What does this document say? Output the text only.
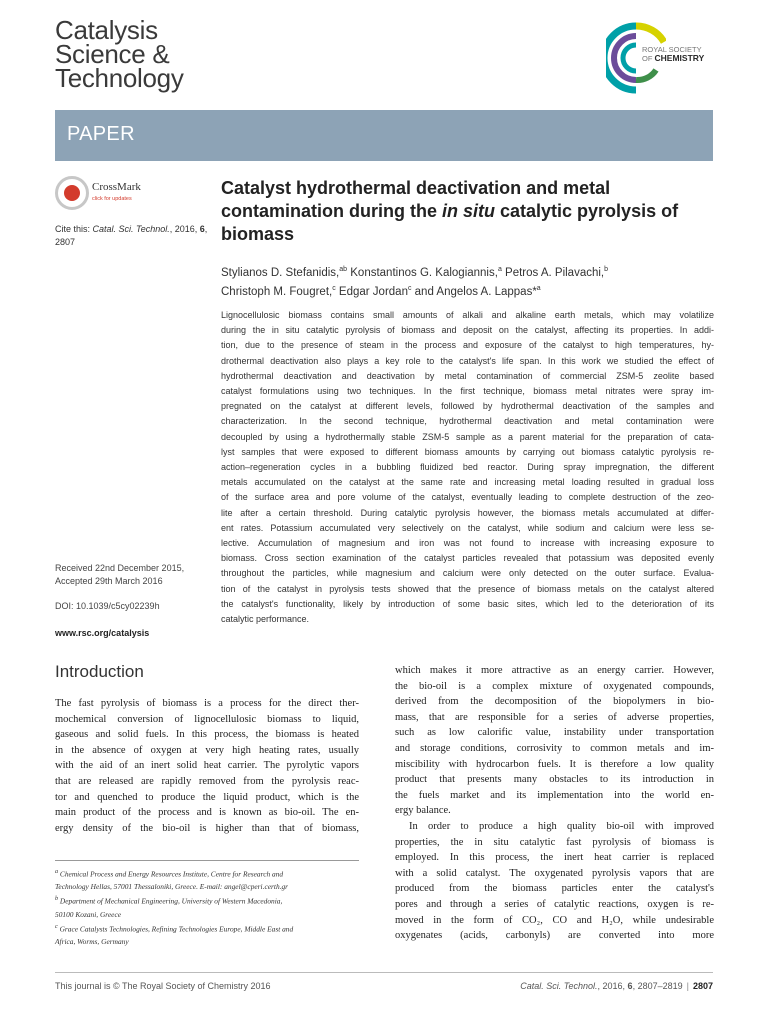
Catalysis
Science &
Technology
ROYAL SOCIETY
OF CHEMISTRY
PAPER
CrossMark
click for updates
Cite this: Catal. Sci. Technol., 2016, 6, 2807
Received 22nd December 2015,
Accepted 29th March 2016
DOI: 10.1039/c5cy02239h
www.rsc.org/catalysis
Catalyst hydrothermal deactivation and metal contamination during the in situ catalytic pyrolysis of biomass
Stylianos D. Stefanidis,$^{ab}$ Konstantinos G. Kalogiannis,$^a$ Petros A. Pilavachi,$^b$
Christoph M. Fougret,$^c$ Edgar Jordan$^c$ and Angelos A. Lappas*$^a$
Lignocellulosic biomass contains small amounts of alkali and alkaline earth metals, which may volatilize
during the in situ catalytic pyrolysis of biomass and deposit on the catalyst, affecting its properties. In addi-
tion, due to the presence of steam in the process and exposure of the catalyst to high temperatures, hy-
drothermal deactivation also plays a key role to the catalyst's life span. In this work we studied the effect of
hydrothermal deactivation and deactivation by metal contamination of commercial ZSM-5 zeolite based
catalyst formulations using two techniques. In the first technique, biomass metal nitrates were spray im-
pregnated on the catalyst at different levels, followed by hydrothermal deactivation of the samples and
characterization. In the second technique, hydrothermal deactivation and metal contamination were
decoupled by using a hydrothermally stable ZSM-5 sample as a parent material for the preparation of cata-
lyst samples that were exposed to different biomass amounts by carrying out biomass catalytic pyrolysis re-
action–regeneration cycles in a bubbling fluidized bed reactor. During spray impregnation, the different
metals accumulated on the catalyst at the same rate and increasing metal loading resulted in gradual loss
of the surface area and pore volume of the catalyst, eventually leading to complete destruction of the zeo-
lite after a certain threshold. During catalytic pyrolysis however, the biomass metals accumulated at differ-
ent rates. Potassium accumulated very selectively on the catalyst, while sodium and calcium were less se-
lective. Accumulation of magnesium and iron was not found to increase with increasing exposure to
biomass. Cross section examination of the catalyst particles revealed that potassium was deposited evenly
throughout the particles, while magnesium and calcium were only detected on the outer surface. Evalua-
tion of the catalyst in pyrolysis tests showed that the presence of biomass metals on the catalyst altered
the catalyst's functionality, likely by introduction of some basic sites, which led to the deterioration of its
catalytic performance.
Introduction
The fast pyrolysis of biomass is a process for the direct ther-
mochemical conversion of lignocellulosic biomass to liquid,
gaseous and solid fuels. In this process, the biomass is heated
in the absence of oxygen at very high heating rates, usually
with the aid of an inert solid heat carrier. The pyrolytic vapors
that are released are rapidly removed from the pyrolysis reac-
tor and quenched to produce the liquid product, which is the
main product of the process and is known as bio-oil. The en-
ergy density of the bio-oil is higher than that of biomass,
which makes it more attractive as an energy carrier. However,
the bio-oil is a complex mixture of oxygenated compounds,
derived from the decomposition of the biopolymers in bio-
mass, that are responsible for a series of adverse properties,
such as low calorific value, instability under transportation
and storage conditions, corrosivity to common metals and im-
miscibility with hydrocarbon fuels. It is therefore a low quality
product that presents many obstacles to its introduction in
the fuels market and its implementation into the world en-
ergy balance.
In order to produce a high quality bio-oil with improved
properties, the in situ catalytic fast pyrolysis of biomass is
employed. In this process, the inert heat carrier is replaced
with a solid catalyst. The oxygenated pyrolysis vapors that are
produced from the biomass particles enter the catalyst's
pores and through a series of catalytic reactions, oxygen is re-
moved in the form of CO₂, CO and H₂O, while undesirable
oxygenates (acids, carbonyls) are converted into more
$^a$ Chemical Process and Energy Resources Institute, Centre for Research and
Technology Hellas, 57001 Thessaloniki, Greece. E-mail: angel@cperi.certh.gr
$^b$ Department of Mechanical Engineering, University of Western Macedonia,
50100 Kozani, Greece
$^c$ Grace Catalysts Technologies, Refining Technologies Europe, Middle East and
Africa, Worms, Germany
This journal is © The Royal Society of Chemistry 2016	Catal. Sci. Technol., 2016, 6, 2807–2819 | 2807
